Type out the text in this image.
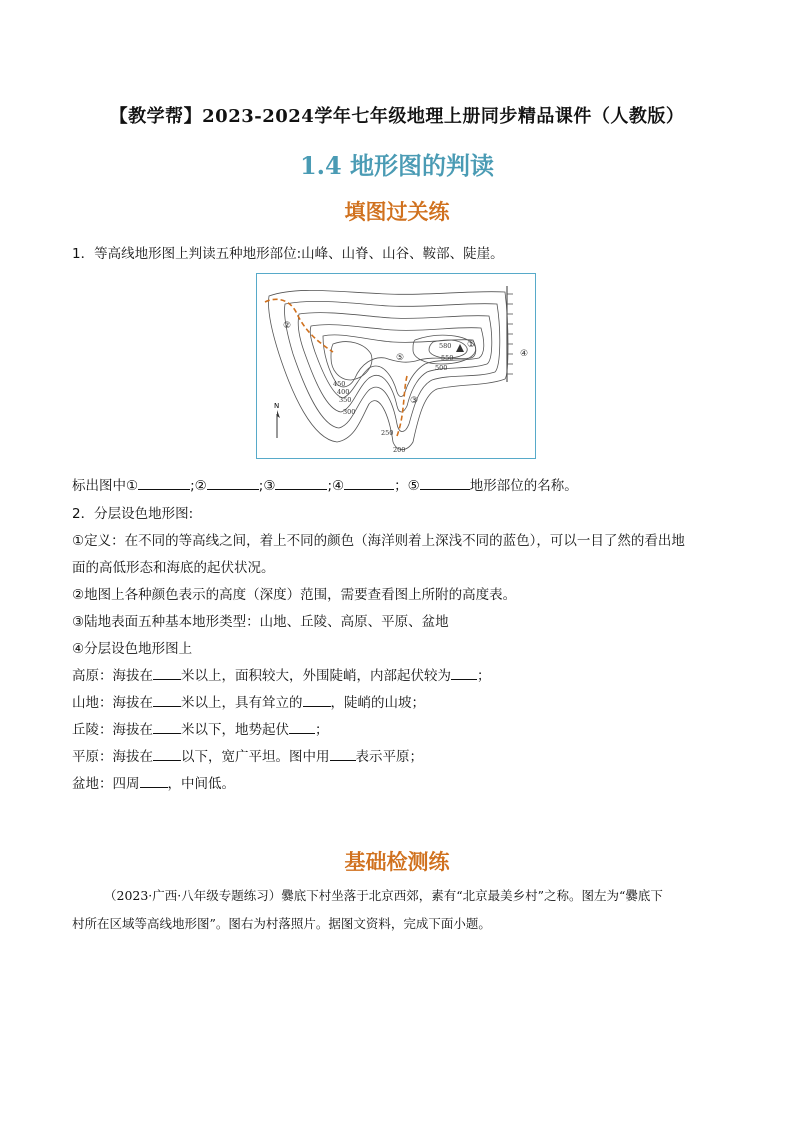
【教学帮】2023-2024学年七年级地理上册同步精品课件（人教版）
1.4 地形图的判读
填图过关练
1．等高线地形图上判读五种地形部位:山峰、山脊、山谷、鞍部、陡崖。
N
580
550
500
450
400
350
300
250
200
①
②
③
④
⑤
标出图中①	;②	;③	;④	；⑤	地形部位的名称。
2．分层设色地形图:
①定义：在不同的等高线之间，着上不同的颜色（海洋则着上深浅不同的蓝色），可以一目了然的看出地
面的高低形态和海底的起伏状况。
②地图上各种颜色表示的高度（深度）范围，需要查看图上所附的高度表。
③陆地表面五种基本地形类型：山地、丘陵、高原、平原、盆地
④分层设色地形图上
高原：海拔在 米以上，面积较大，外围陡峭，内部起伏较为 ；
山地：海拔在 米以上，具有耸立的 ，陡峭的山坡；
丘陵：海拔在 米以下，地势起伏 ；
平原：海拔在 以下，宽广平坦。图中用 表示平原；
盆地：四周 ，中间低。
基础检测练
（2023·广西·八年级专题练习）爨底下村坐落于北京西郊，素有“北京最美乡村”之称。图左为“爨底下
村所在区域等高线地形图”。图右为村落照片。据图文资料，完成下面小题。
